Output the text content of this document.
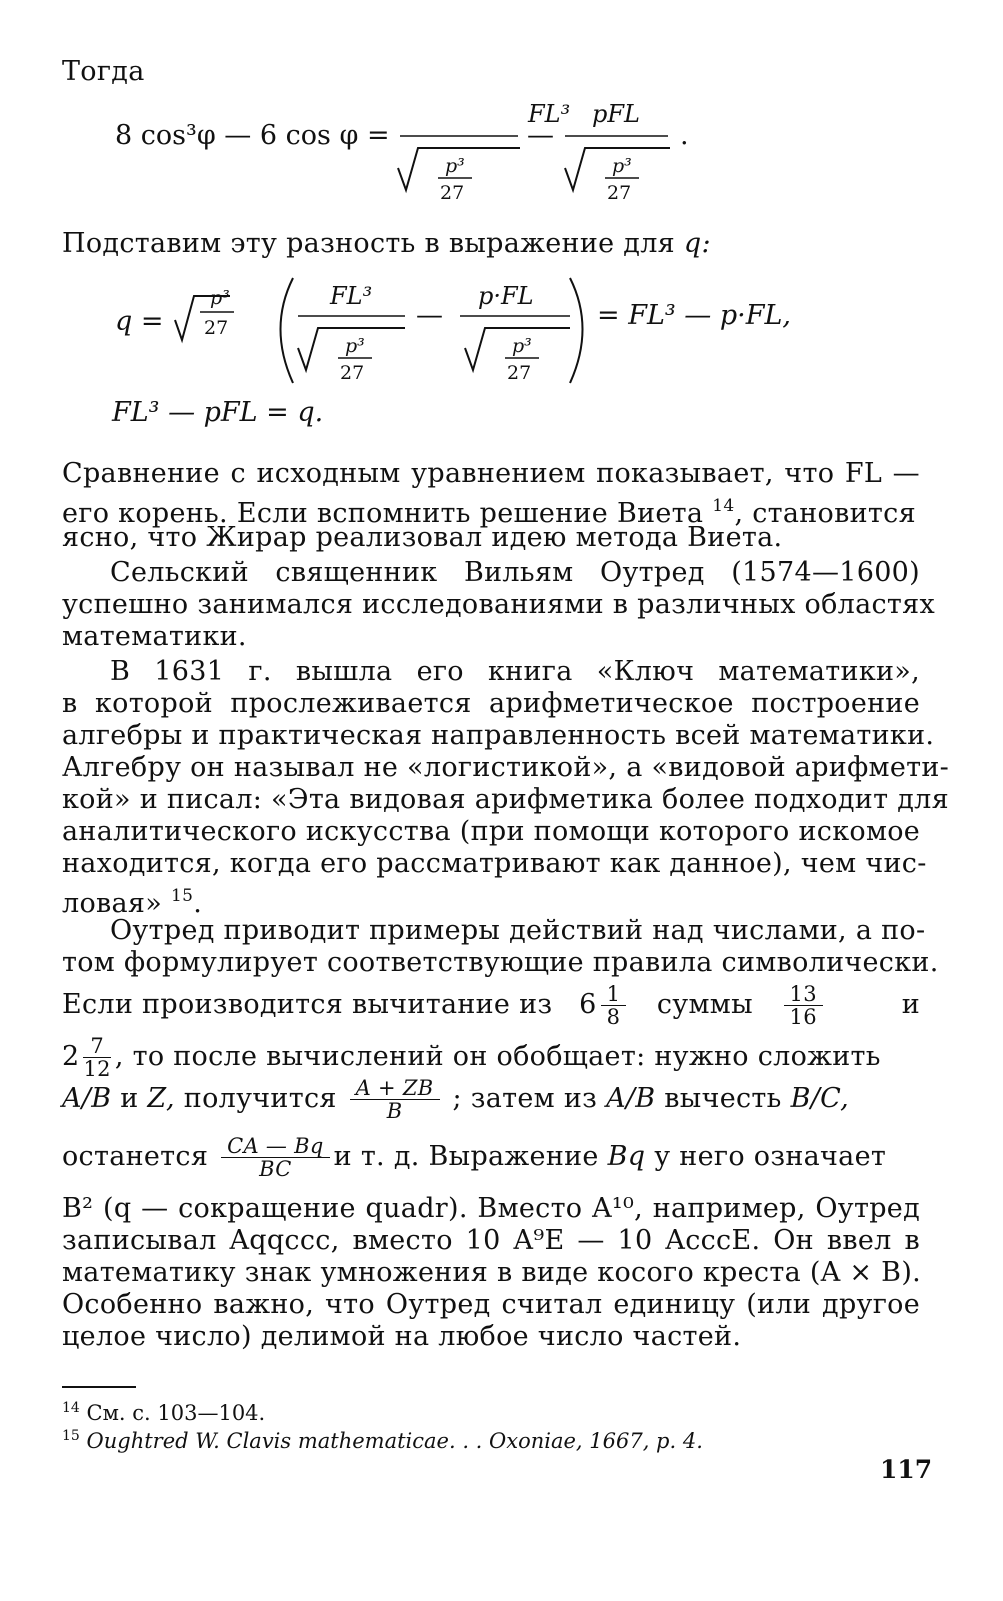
Тогда
8 cos³φ — 6 cos φ =
FL³
p³
27
—
pFL
p³
27
.
Подставим эту разность в выражение для q:
q =
p³
27
FL³
p³
27
—
p·FL
p³
27
= FL³ — p·FL,
FL³ — pFL = q.
Сравнение с исходным уравнением показывает, что FL —
его корень. Если вспомнить решение Виета $^{14}$, становится
ясно, что Жирар реализовал идею метода Виета.
Сельский священник Вильям Оутред (1574—1600)
успешно занимался исследованиями в различных областях
математики.
В 1631 г. вышла его книга «Ключ математики»,
в которой прослеживается арифметическое построение
алгебры и практическая направленность всей математики.
Алгебру он называл не «логистикой», а «видовой арифмети-
кой» и писал: «Эта видовая арифметика более подходит для
аналитического искусства (при помощи которого искомое
находится, когда его рассматривают как данное), чем чис-
ловая» $^{15}$.
Оутред приводит примеры действий над числами, а по-
том формулирует соответствующие правила символически.
Если производится вычитание из $6 \frac{1}{8}$ суммы $\frac{13}{16}$	и
$2 \frac{7}{12}$ , то после вычислений он обобщает: нужно сложить
A/B и Z, получится $\frac{A + ZB}{B}$ ; затем из A/B вычесть B/C,
останется $\frac{CA — Bq}{BC}$ и т. д. Выражение Bq у него означает
B² (q — сокращение quadr). Вместо A¹⁰, например, Оутред
записывал Aqqccc, вместо 10 A⁹E — 10 AcccE. Он ввел в
математику знак умножения в виде косого креста (A × B).
Особенно важно, что Оутред считал единицу (или другое
целое число) делимой на любое число частей.
$^{14}$ См. с. 103—104.
$^{15}$ Oughtred W. Clavis mathematicae. . . Oxoniae, 1667, p. 4.
117
